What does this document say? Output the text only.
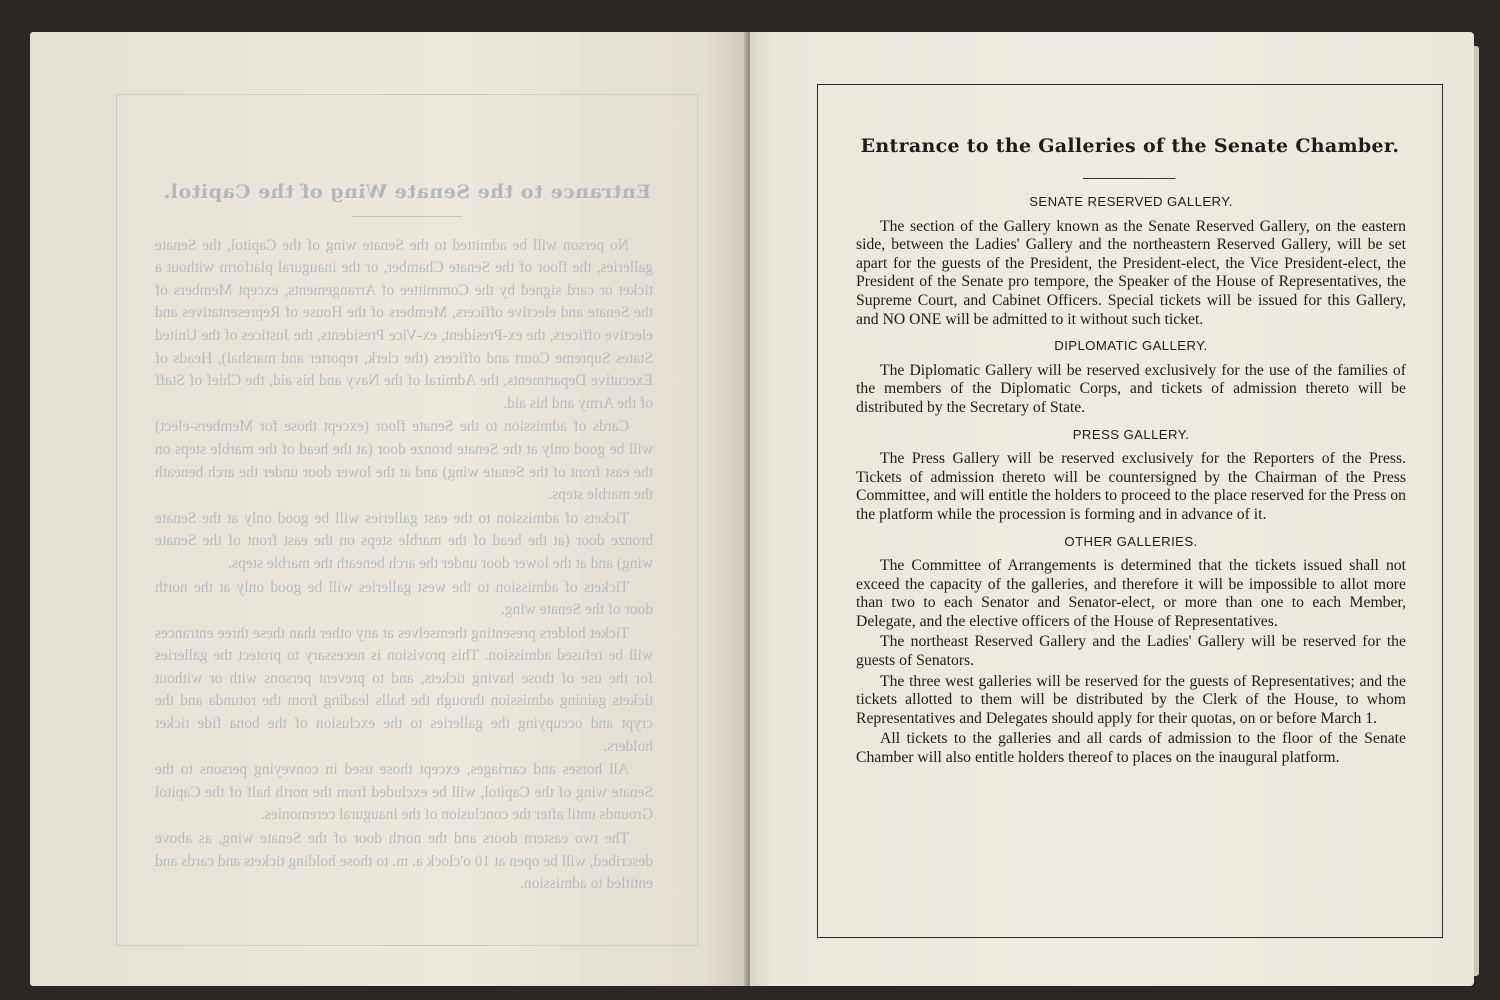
Entrance to the Senate Wing of the Capitol.

No person will be admitted to the Senate wing of the Capitol, the Senate galleries, the floor of the Senate Chamber, or the inaugural platform without a ticket or card signed by the Committee of Arrangements, except Members of the Senate and elective officers, Members of the House of Representatives and elective officers, the ex-President, ex-Vice Presidents, the Justices of the United States Supreme Court and officers (the clerk, reporter and marshal), Heads of Executive Departments, the Admiral of the Navy and his aid, the Chief of Staff of the Army and his aid.

Cards of admission to the Senate floor (except those for Members-elect) will be good only at the Senate bronze door (at the head of the marble steps on the east front of the Senate wing) and at the lower door under the arch beneath the marble steps.

Tickets of admission to the east galleries will be good only at the Senate bronze door (at the head of the marble steps on the east front of the Senate wing) and at the lower door under the arch beneath the marble steps.

Tickets of admission to the west galleries will be good only at the north door of the Senate wing.

Ticket holders presenting themselves at any other than these three entrances will be refused admission. This provision is necessary to protect the galleries for the use of those having tickets, and to prevent persons with or without tickets gaining admission through the halls leading from the rotunda and the crypt and occupying the galleries to the exclusion of the bona fide ticket holders.

All horses and carriages, except those used in conveying persons to the Senate wing of the Capitol, will be excluded from the north half of the Capitol Grounds until after the conclusion of the inaugural ceremonies.

The two eastern doors and the north door of the Senate wing, as above described, will be open at 10 o'clock a. m. to those holding tickets and cards and entitled to admission.

Entrance to the Galleries of the Senate Chamber.
SENATE RESERVED GALLERY.

The section of the Gallery known as the Senate Reserved Gallery, on the eastern side, between the Ladies' Gallery and the northeastern Reserved Gallery, will be set apart for the guests of the President, the President-elect, the Vice President-elect, the President of the Senate pro tempore, the Speaker of the House of Representatives, the Supreme Court, and Cabinet Officers. Special tickets will be issued for this Gallery, and NO ONE will be admitted to it without such ticket.

DIPLOMATIC GALLERY.

The Diplomatic Gallery will be reserved exclusively for the use of the families of the members of the Diplomatic Corps, and tickets of admission thereto will be distributed by the Secretary of State.

PRESS GALLERY.

The Press Gallery will be reserved exclusively for the Reporters of the Press. Tickets of admission thereto will be countersigned by the Chairman of the Press Committee, and will entitle the holders to proceed to the place reserved for the Press on the platform while the procession is forming and in advance of it.

OTHER GALLERIES.

The Committee of Arrangements is determined that the tickets issued shall not exceed the capacity of the galleries, and therefore it will be impossible to allot more than two to each Senator and Senator-elect, or more than one to each Member, Delegate, and the elective officers of the House of Representatives.

The northeast Reserved Gallery and the Ladies' Gallery will be reserved for the guests of Senators.

The three west galleries will be reserved for the guests of Representatives; and the tickets allotted to them will be distributed by the Clerk of the House, to whom Representatives and Delegates should apply for their quotas, on or before March 1.

All tickets to the galleries and all cards of admission to the floor of the Senate Chamber will also entitle holders thereof to places on the inaugural platform.
